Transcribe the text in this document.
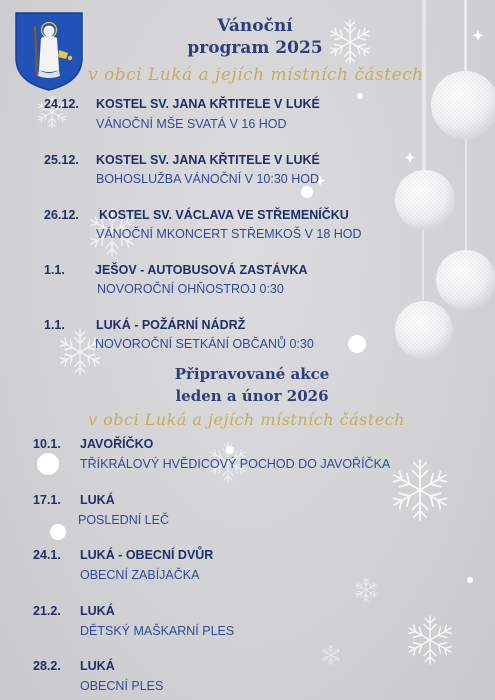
Vánoční
program 2025
v obci Luká a jejích místních částech
24.12. KOSTEL SV. JANA KŘTITELE V LUKÉ
VÁNOČNÍ MŠE SVATÁ V 16 HOD
25.12. KOSTEL SV. JANA KŘTITELE V LUKÉ
BOHOSLUŽBA VÁNOČNÍ V 10:30 HOD
26.12. KOSTEL SV. VÁCLAVA VE STŘEMENÍČKU
VÁNOČNÍ MKONCERT STŘEMKOŠ V 18 HOD
1.1. JEŠOV - AUTOBUSOVÁ ZASTÁVKA
NOVOROČNÍ OHŇOSTROJ 0:30
1.1. LUKÁ - POŽÁRNÍ NÁDRŽ
NOVOROČNÍ SETKÁNÍ OBČANŮ 0:30
Připravované akce
leden a únor 2026
v obci Luká a jejích místních částech
10.1. JAVOŘÍČKO
TŘÍKRÁLOVÝ HVĚDICOVÝ POCHOD DO JAVOŘÍČKA
17.1. LUKÁ
POSLEDNÍ LEČ
24.1. LUKÁ - OBECNÍ DVŮR
OBECNÍ ZABÍJAČKA
21.2. LUKÁ
DĚTSKÝ MAŠKARNÍ PLES
28.2. LUKÁ
OBECNÍ PLES
